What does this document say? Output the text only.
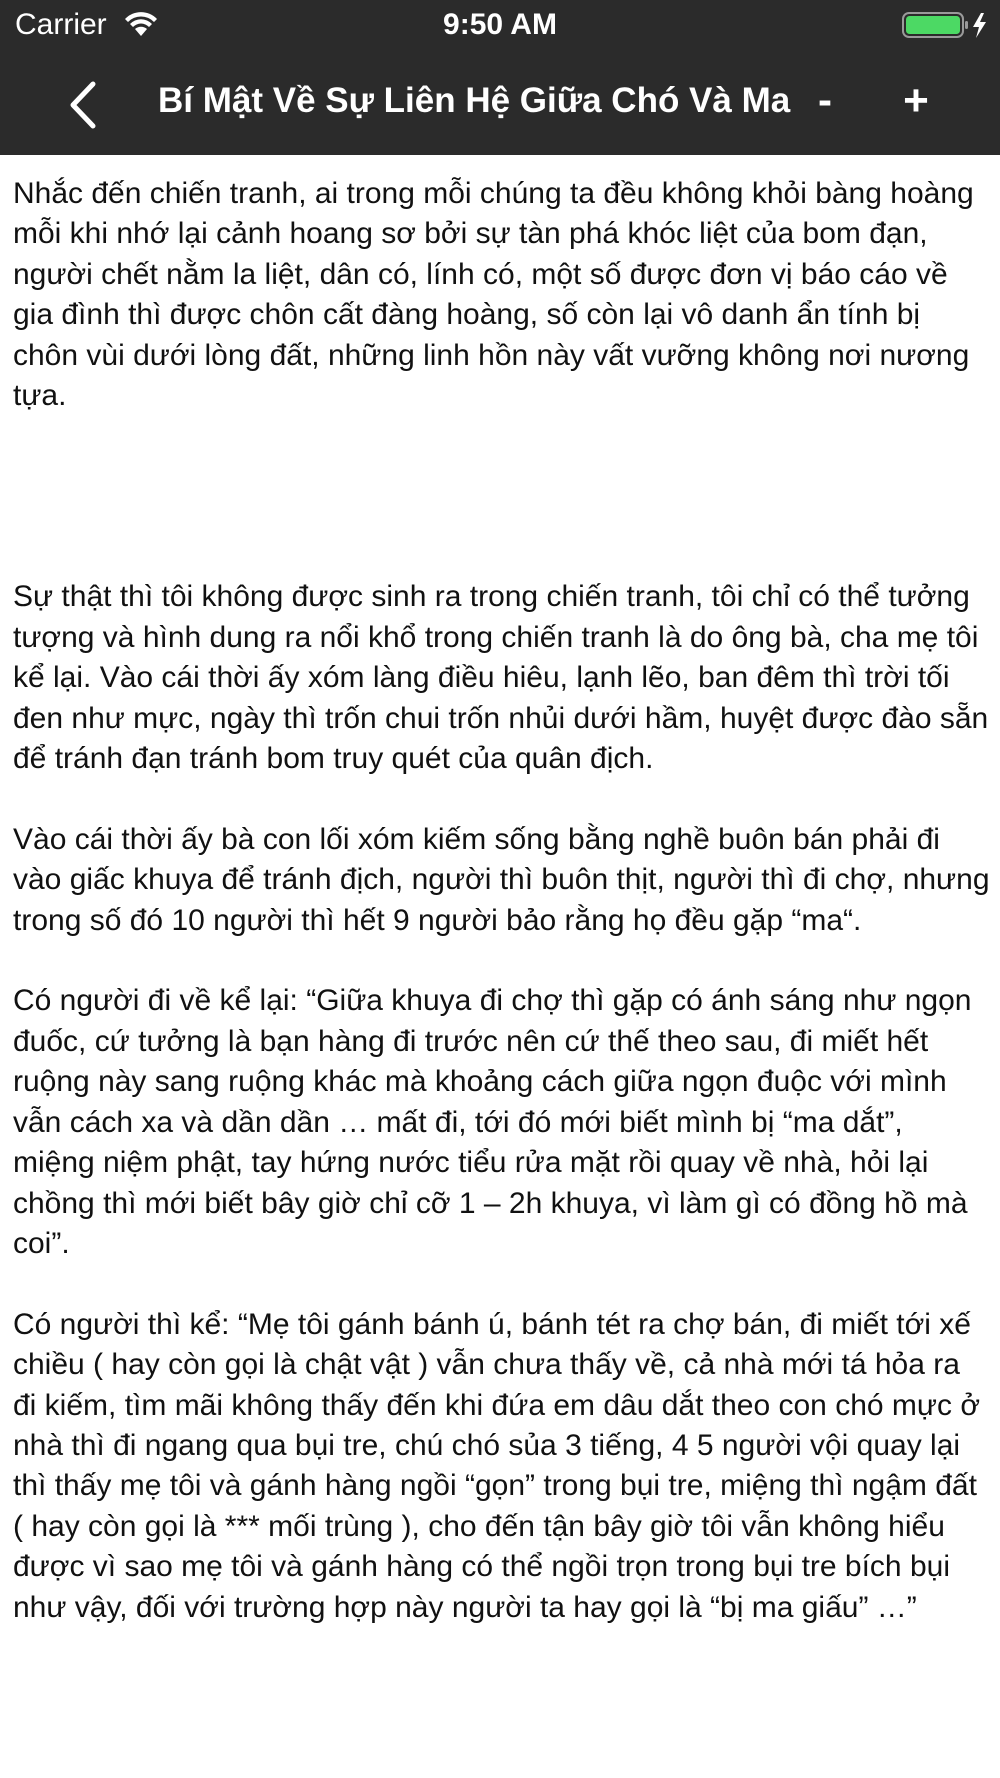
Carrier	9:50 AM
Bí Mật Về Sự Liên Hệ Giữa Chó Và Ma -	+

Nhắc đến chiến tranh, ai trong mỗi chúng ta đều không khỏi bàng hoàng mỗi khi nhớ lại cảnh hoang sơ bởi sự tàn phá khóc liệt của bom đạn, người chết nằm la liệt, dân có, lính có, một số được đơn vị báo cáo về gia đình thì được chôn cất đàng hoàng, số còn lại vô danh ẩn tính bị chôn vùi dưới lòng đất, những linh hồn này vất vưỡng không nơi nương tựa.

Sự thật thì tôi không được sinh ra trong chiến tranh, tôi chỉ có thể tưởng tượng và hình dung ra nổi khổ trong chiến tranh là do ông bà, cha mẹ tôi kể lại. Vào cái thời ấy xóm làng điều hiêu, lạnh lẽo, ban đêm thì trời tối đen như mực, ngày thì trốn chui trốn nhủi dưới hầm, huyệt được đào sẵn để tránh đạn tránh bom truy quét của quân địch.

Vào cái thời ấy bà con lối xóm kiếm sống bằng nghề buôn bán phải đi vào giấc khuya để tránh địch, người thì buôn thịt, người thì đi chợ, nhưng trong số đó 10 người thì hết 9 người bảo rằng họ đều gặp “ma“.

Có người đi về kể lại: “Giữa khuya đi chợ thì gặp có ánh sáng như ngọn đuốc, cứ tưởng là bạn hàng đi trước nên cứ thế theo sau, đi miết hết ruộng này sang ruộng khác mà khoảng cách giữa ngọn đuộc với mình vẫn cách xa và dần dần … mất đi, tới đó mới biết mình bị “ma dắt”, miệng niệm phật, tay hứng nước tiểu rửa mặt rồi quay về nhà, hỏi lại chồng thì mới biết bây giờ chỉ cỡ 1 – 2h khuya, vì làm gì có đồng hồ mà coi”.

Có người thì kể: “Mẹ tôi gánh bánh ú, bánh tét ra chợ bán, đi miết tới xế chiều ( hay còn gọi là chật vật ) vẫn chưa thấy về, cả nhà mới tá hỏa ra đi kiếm, tìm mãi không thấy đến khi đứa em dâu dắt theo con chó mực ở nhà thì đi ngang qua bụi tre, chú chó sủa 3 tiếng, 4 5 người vội quay lại thì thấy mẹ tôi và gánh hàng ngồi “gọn” trong bụi tre, miệng thì ngậm đất ( hay còn gọi là *** mối trùng ), cho đến tận bây giờ tôi vẫn không hiểu được vì sao mẹ tôi và gánh hàng có thể ngồi trọn trong bụi tre bích bụi như vậy, đối với trường hợp này người ta hay gọi là “bị ma giấu” …”
